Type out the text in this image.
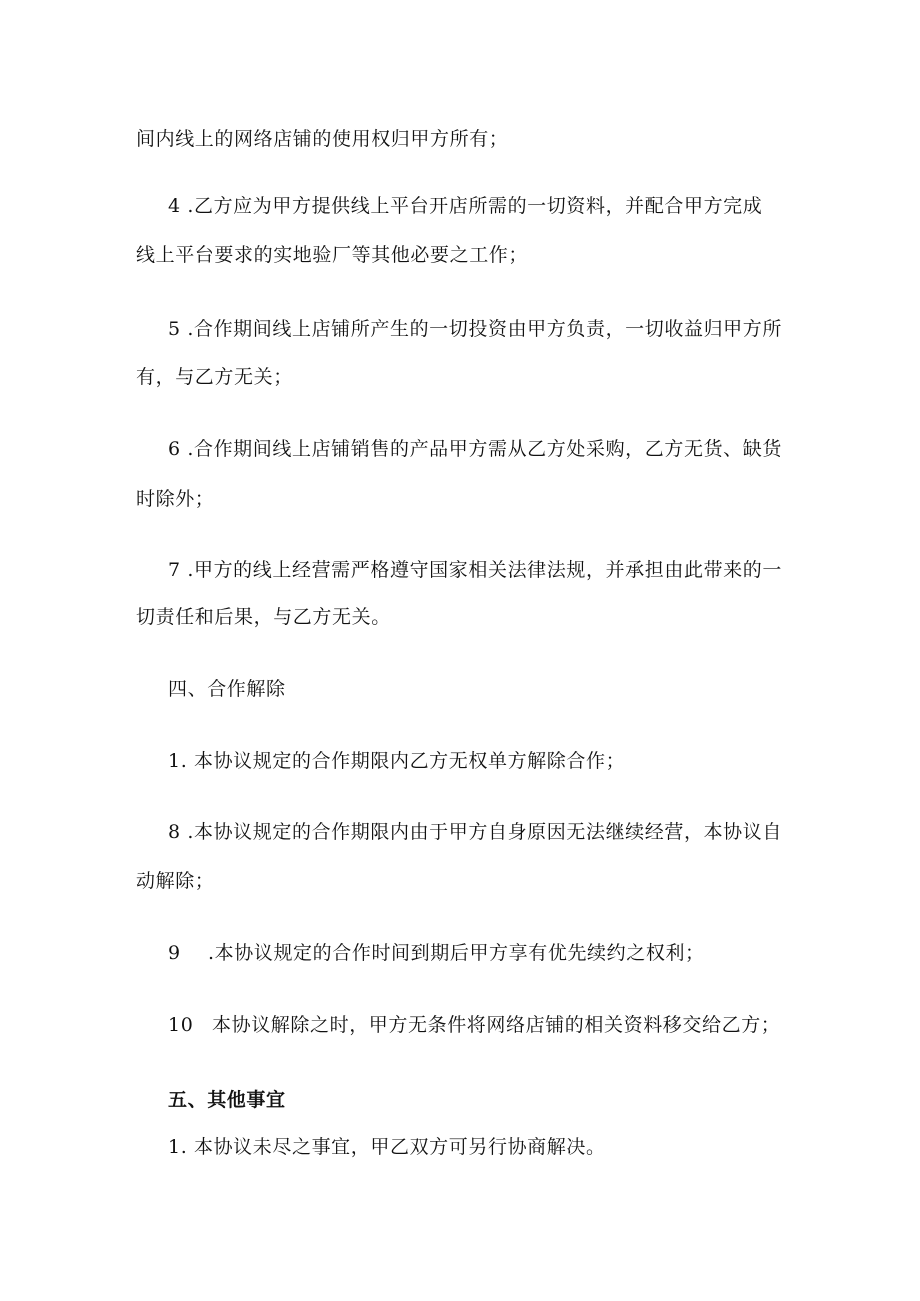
间内线上的网络店铺的使用权归甲方所有；
4 .乙方应为甲方提供线上平台开店所需的一切资料，并配合甲方完成
线上平台要求的实地验厂等其他必要之工作；
5 .合作期间线上店铺所产生的一切投资由甲方负责，一切收益归甲方所
有，与乙方无关；
6 .合作期间线上店铺销售的产品甲方需从乙方处采购，乙方无货、缺货
时除外；
7 .甲方的线上经营需严格遵守国家相关法律法规，并承担由此带来的一
切责任和后果，与乙方无关。
四、合作解除
1. 本协议规定的合作期限内乙方无权单方解除合作；
8 .本协议规定的合作期限内由于甲方自身原因无法继续经营，本协议自
动解除；
9 .本协议规定的合作时间到期后甲方享有优先续约之权利；
10 本协议解除之时，甲方无条件将网络店铺的相关资料移交给乙方；
五、其他事宜
1. 本协议未尽之事宜，甲乙双方可另行协商解决。
